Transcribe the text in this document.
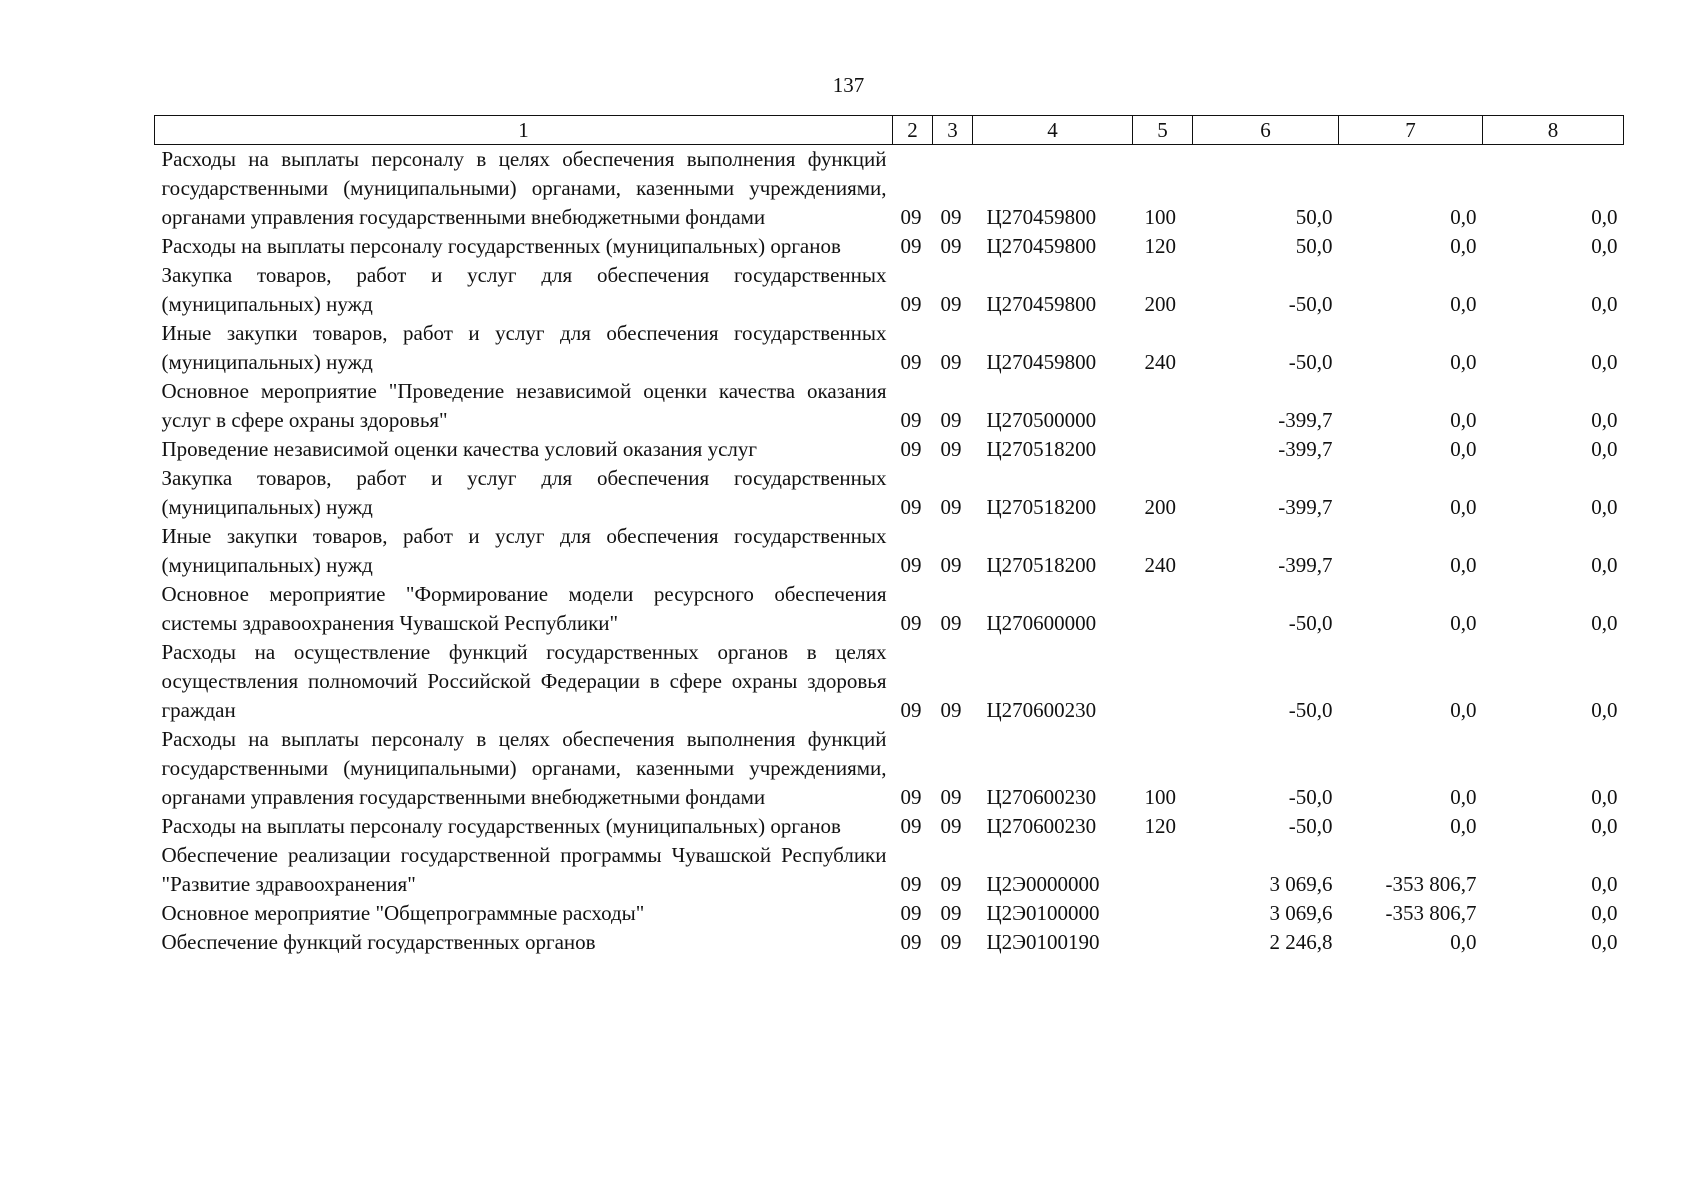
137
1	2	3	4	5	6	7	8
Расходы на выплаты персоналу в целях обеспечения выполнения функций государственными (муниципальными) органами, казенными учреждениями, органами управления государственными внебюджетными фондами	09	09	Ц270459800	100	50,0	0,0	0,0
Расходы на выплаты персоналу государственных (муниципальных) органов	09	09	Ц270459800	120	50,0	0,0	0,0
Закупка товаров, работ и услуг для обеспечения государственных (муниципальных) нужд	09	09	Ц270459800	200	-50,0	0,0	0,0
Иные закупки товаров, работ и услуг для обеспечения государственных (муниципальных) нужд	09	09	Ц270459800	240	-50,0	0,0	0,0
Основное мероприятие "Проведение независимой оценки качества оказания услуг в сфере охраны здоровья"	09	09	Ц270500000		-399,7	0,0	0,0
Проведение независимой оценки качества условий оказания услуг	09	09	Ц270518200		-399,7	0,0	0,0
Закупка товаров, работ и услуг для обеспечения государственных (муниципальных) нужд	09	09	Ц270518200	200	-399,7	0,0	0,0
Иные закупки товаров, работ и услуг для обеспечения государственных (муниципальных) нужд	09	09	Ц270518200	240	-399,7	0,0	0,0
Основное мероприятие "Формирование модели ресурсного обеспечения системы здравоохранения Чувашской Республики"	09	09	Ц270600000		-50,0	0,0	0,0
Расходы на осуществление функций государственных органов в целях осуществления полномочий Российской Федерации в сфере охраны здоровья граждан	09	09	Ц270600230		-50,0	0,0	0,0
Расходы на выплаты персоналу в целях обеспечения выполнения функций государственными (муниципальными) органами, казенными учреждениями, органами управления государственными внебюджетными фондами	09	09	Ц270600230	100	-50,0	0,0	0,0
Расходы на выплаты персоналу государственных (муниципальных) органов	09	09	Ц270600230	120	-50,0	0,0	0,0
Обеспечение реализации государственной программы Чувашской Республики "Развитие здравоохранения"	09	09	Ц2Э0000000		3 069,6	-353 806,7	0,0
Основное мероприятие "Общепрограммные расходы"	09	09	Ц2Э0100000		3 069,6	-353 806,7	0,0
Обеспечение функций государственных органов	09	09	Ц2Э0100190		2 246,8	0,0	0,0
